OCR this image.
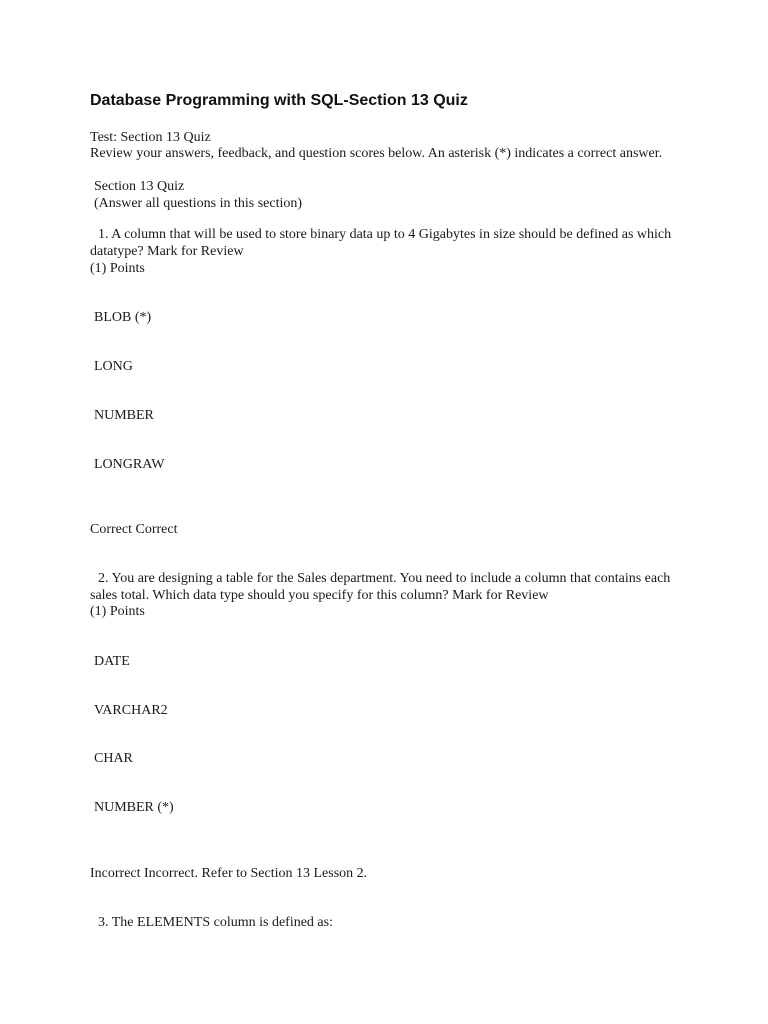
Database Programming with SQL-Section 13 Quiz
Test: Section 13 Quiz
Review your answers, feedback, and question scores below. An asterisk (*) indicates a correct answer.
Section 13 Quiz
(Answer all questions in this section)
1. A column that will be used to store binary data up to 4 Gigabytes in size should be defined as which datatype? Mark for Review
(1) Points
BLOB (*)
LONG
NUMBER
LONGRAW
Correct Correct
2. You are designing a table for the Sales department. You need to include a column that contains each sales total. Which data type should you specify for this column? Mark for Review
(1) Points
DATE
VARCHAR2
CHAR
NUMBER (*)
Incorrect Incorrect. Refer to Section 13 Lesson 2.
3. The ELEMENTS column is defined as:
